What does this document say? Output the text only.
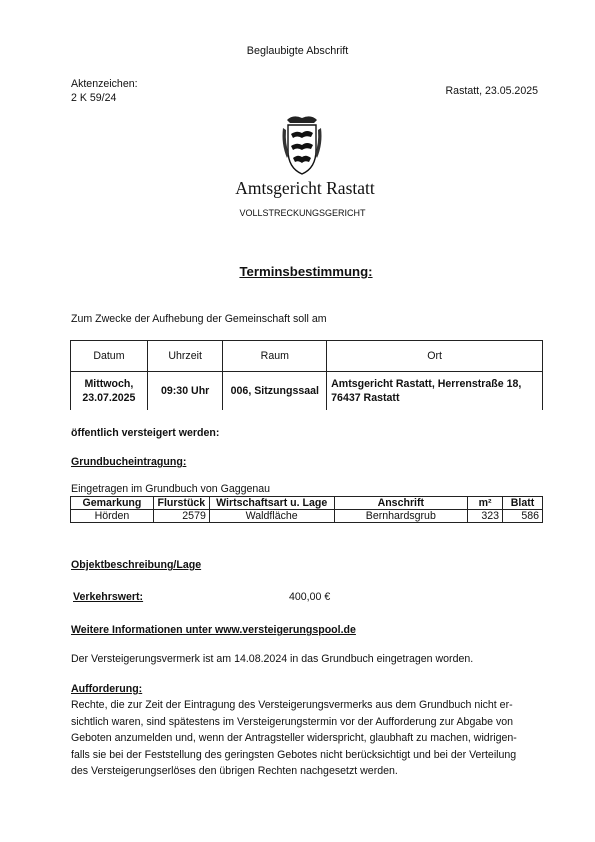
Beglaubigte Abschrift
Aktenzeichen:
2 K 59/24
Rastatt, 23.05.2025
Amtsgericht Rastatt
VOLLSTRECKUNGSGERICHT
Terminsbestimmung:
Zum Zwecke der Aufhebung der Gemeinschaft soll am
Datum	Uhrzeit	Raum	Ort

Mittwoch,
23.07.2025	09:30 Uhr	006, Sitzungssaal	Amtsgericht Rastatt, Herrenstraße 18,
76437 Rastatt
öffentlich versteigert werden:
Grundbucheintragung:
Eingetragen im Grundbuch von Gaggenau
Gemarkung	Flurstück	Wirtschaftsart u. Lage	Anschrift	m²	Blatt
Hörden	2579	Waldfläche	Bernhardsgrub	323	586
Objektbeschreibung/Lage
Verkehrswert:	400,00 €
Weitere Informationen unter www.versteigerungspool.de
Der Versteigerungsvermerk ist am 14.08.2024 in das Grundbuch eingetragen worden.
Aufforderung:
Rechte, die zur Zeit der Eintragung des Versteigerungsvermerks aus dem Grundbuch nicht er-
sichtlich waren, sind spätestens im Versteigerungstermin vor der Aufforderung zur Abgabe von
Geboten anzumelden und, wenn der Antragsteller widerspricht, glaubhaft zu machen, widrigen-
falls sie bei der Feststellung des geringsten Gebotes nicht berücksichtigt und bei der Verteilung
des Versteigerungserlöses den übrigen Rechten nachgesetzt werden.
